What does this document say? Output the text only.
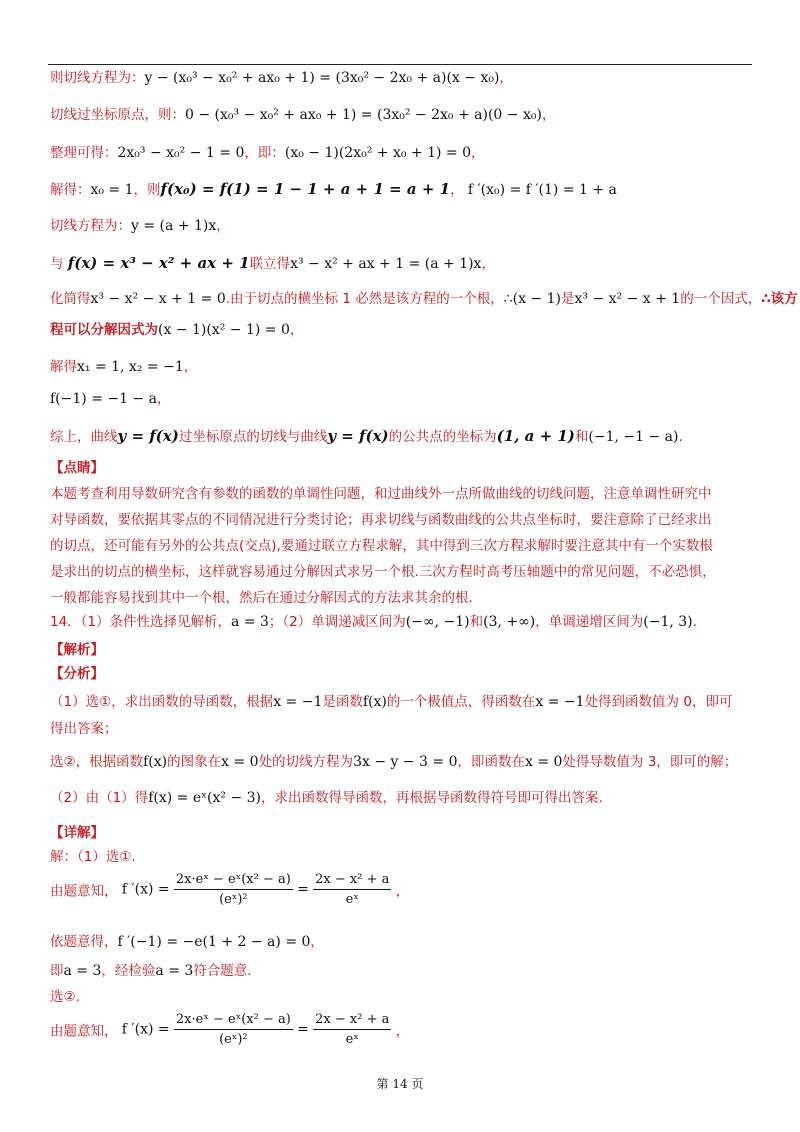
则切线方程为：y − (x₀³ − x₀² + ax₀ + 1) = (3x₀² − 2x₀ + a)(x − x₀)，
切线过坐标原点，则：0 − (x₀³ − x₀² + ax₀ + 1) = (3x₀² − 2x₀ + a)(0 − x₀)，
整理可得：2x₀³ − x₀² − 1 = 0，即：(x₀ − 1)(2x₀² + x₀ + 1) = 0，
解得：x₀ = 1，则f(x₀) = f(1) = 1 − 1 + a + 1 = a + 1， f ′(x₀) = f ′(1) = 1 + a
切线方程为：y = (a + 1)x，
与 f(x) = x³ − x² + ax + 1联立得x³ − x² + ax + 1 = (a + 1)x，
化简得x³ − x² − x + 1 = 0.由于切点的横坐标 1 必然是该方程的一个根，∴(x − 1)是x³ − x² − x + 1的一个因式，∴该方
程可以分解因式为(x − 1)(x² − 1) = 0，
解得x₁ = 1, x₂ = −1，
f(−1) = −1 − a，
综上，曲线y = f(x)过坐标原点的切线与曲线y = f(x)的公共点的坐标为(1, a + 1)和(−1, −1 − a).
【点睛】
本题考查利用导数研究含有参数的函数的单调性问题，和过曲线外一点所做曲线的切线问题，注意单调性研究中
对导函数，要依据其零点的不同情况进行分类讨论；再求切线与函数曲线的公共点坐标时，要注意除了已经求出
的切点，还可能有另外的公共点(交点),要通过联立方程求解，其中得到三次方程求解时要注意其中有一个实数根
是求出的切点的横坐标，这样就容易通过分解因式求另一个根.三次方程时高考压轴题中的常见问题，不必恐惧，
一般都能容易找到其中一个根，然后在通过分解因式的方法求其余的根.
14．（1）条件性选择见解析，a = 3；（2）单调递减区间为(−∞, −1)和(3, +∞)，单调递增区间为(−1, 3).
【解析】
【分析】
（1）选①，求出函数的导函数，根据x = −1是函数f(x)的一个极值点，得函数在x = −1处得到函数值为 0，即可
得出答案；
选②，根据函数f(x)的图象在x = 0处的切线方程为3x − y − 3 = 0，即函数在x = 0处得导数值为 3，即可的解；
（2）由（1）得f(x) = eˣ(x² − 3)，求出函数得导函数，再根据导函数得符号即可得出答案.
【详解】
解：（1）选①.
由题意知， f $'(x) = \frac{\text{2x·eˣ − eˣ(x² − a)}}{\text{(eˣ)²}} = \frac{\text{2x − x² + a}}{\text{eˣ}}$ ，
依题意得，f ′(−1) = −e(1 + 2 − a) = 0，
即a = 3，经检验a = 3符合题意.
选②.
由题意知， f $'(x) = \frac{\text{2x·eˣ − eˣ(x² − a)}}{\text{(eˣ)²}} = \frac{\text{2x − x² + a}}{\text{eˣ}}$ ，
第 14 页
